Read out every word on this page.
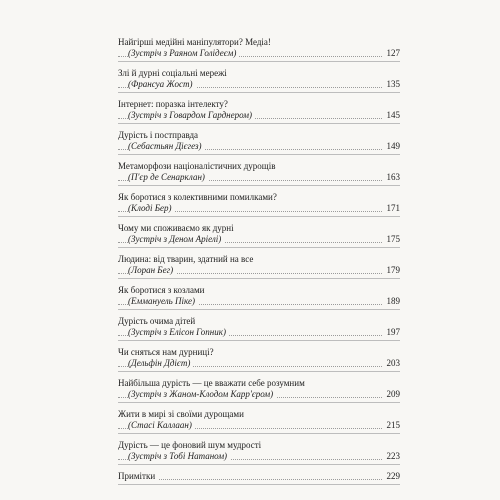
Найгірші медійні маніпулятори? Медіа!
(Зустріч з Раяном Голідеєм)	127
Злі й дурні соціальні мережі
(Франсуа Жост)	135
Інтернет: поразка інтелекту?
(Зустріч з Говардом Гарднером)	145
Дурість і постправда
(Себастьян Дієгез)	149
Метаморфози націоналістичних дурощів
(П'єр де Сенарклан)	163
Як боротися з колективними помилками?
(Клоді Бер)	171
Чому ми споживаємо як дурні
(Зустріч з Деном Аріелі)	175
Людина: від тварин, здатний на все
(Лоран Бег)	179
Як боротися з козлами
(Еммануель Піке)	189
Дурість очима дітей
(Зустріч з Елісон Гопник)	197
Чи сняться нам дурниці?
(Дельфін Ддієт)	203
Найбільша дурість — це вважати себе розумним
(Зустріч з Жаном-Клодом Карр'єром)	209
Жити в мирі зі своїми дурощами
(Стасі Каллаан)	215
Дурість — це фоновий шум мудрості
(Зустріч з Тобі Натаном)	223
Примітки	229
